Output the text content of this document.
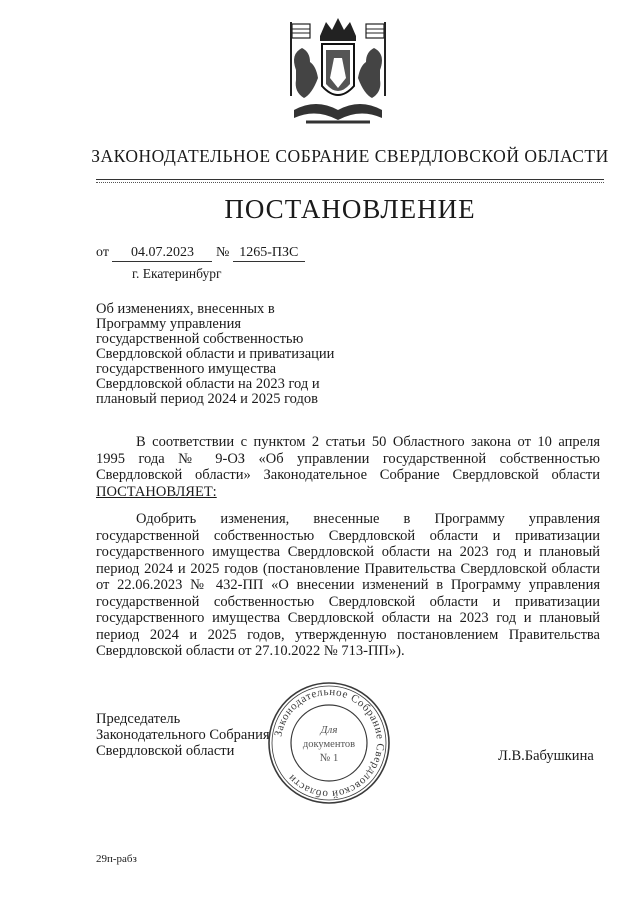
ЗАКОНОДАТЕЛЬНОЕ СОБРАНИЕ СВЕРДЛОВСКОЙ ОБЛАСТИ
ПОСТАНОВЛЕНИЕ
от 04.07.2023 № 1265-ПЗС
г. Екатеринбург
Об изменениях, внесенных в Программу управления государственной собственностью Свердловской области и приватизации государственного имущества Свердловской области на 2023 год и плановый период 2024 и 2025 годов
В соответствии с пунктом 2 статьи 50 Областного закона от 10 апреля 1995 года № 9-ОЗ «Об управлении государственной собственностью Свердловской области» Законодательное Собрание Свердловской области ПОСТАНОВЛЯЕТ:
Одобрить изменения, внесенные в Программу управления государственной собственностью Свердловской области и приватизации государственного имущества Свердловской области на 2023 год и плановый период 2024 и 2025 годов (постановление Правительства Свердловской области от 22.06.2023 № 432-ПП «О внесении изменений в Программу управления государственной собственностью Свердловской области и приватизации государственного имущества Свердловской области на 2023 год и плановый период 2024 и 2025 годов, утвержденную постановлением Правительства Свердловской области от 27.10.2022 № 713-ПП»).
Председатель
Законодательного Собрания
Свердловской области	Л.В.Бабушкина
Законодательное Собрание Свердловской области
Для
документов
№ 1
29п-рабз
